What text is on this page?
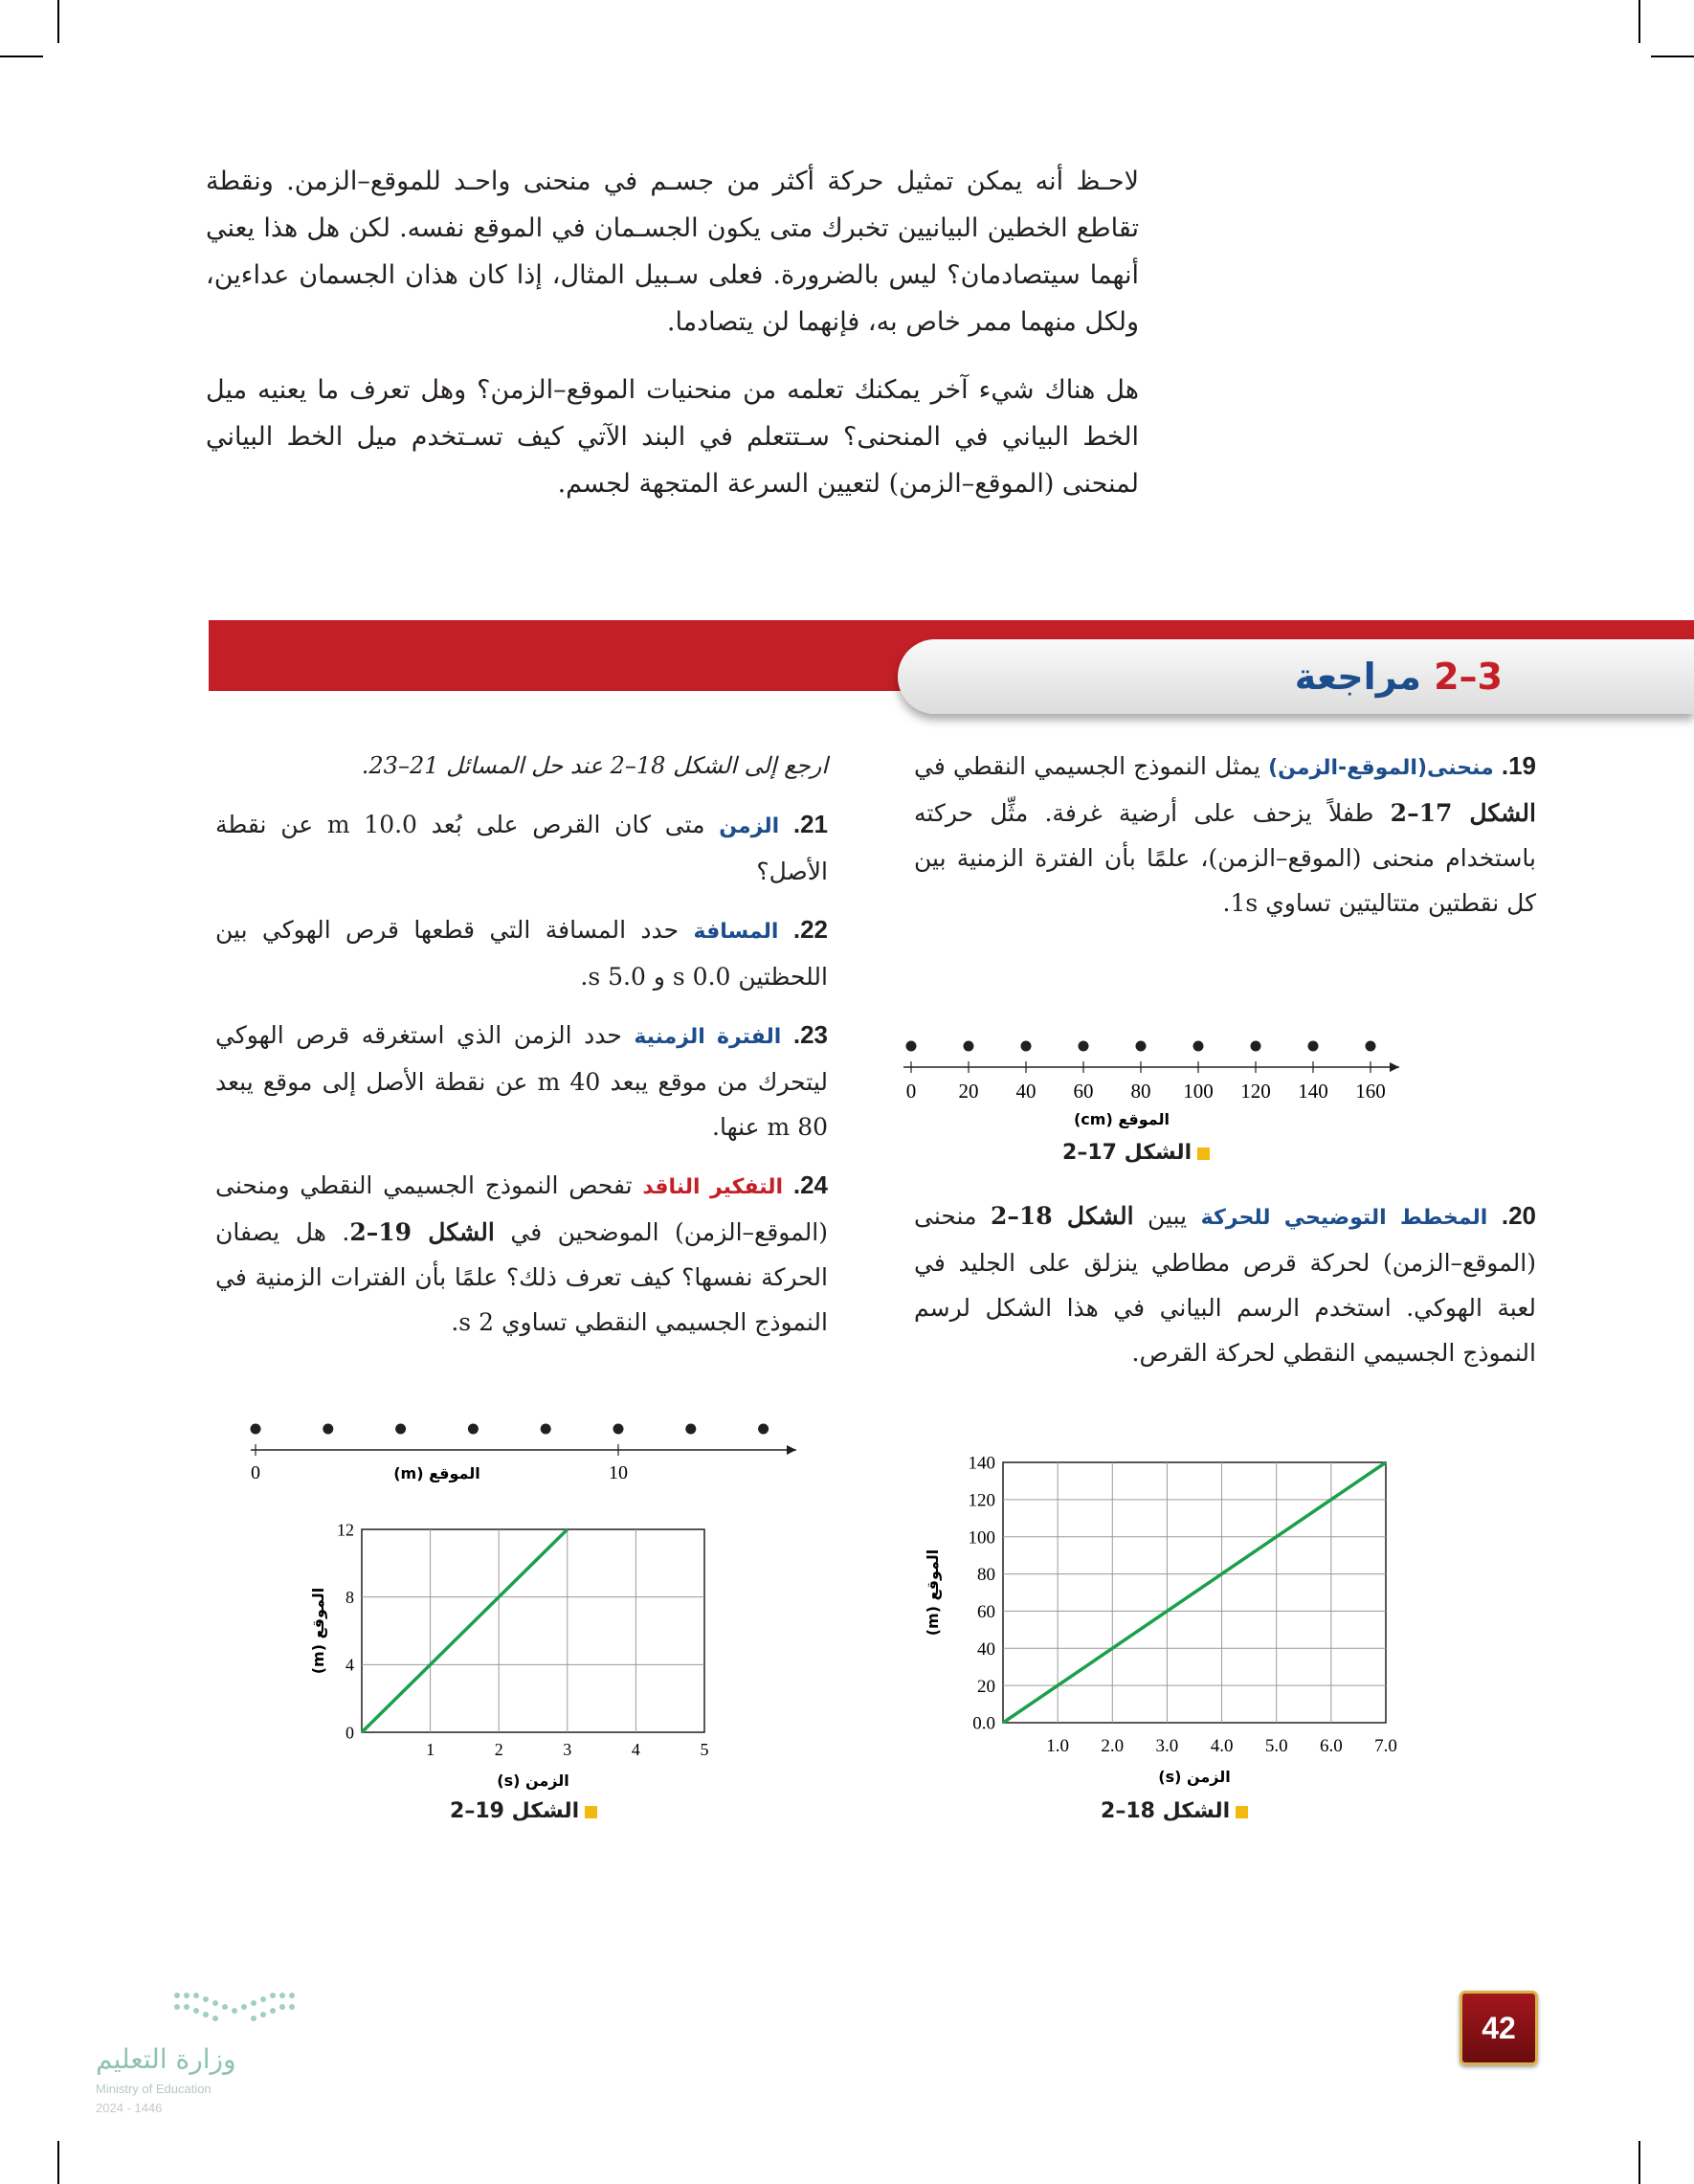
لاحـظ أنه يمكن تمثيل حركة أكثر من جسـم في منحنى واحـد للموقع–الزمن. ونقطة تقاطع الخطين البيانيين تخبرك متى يكون الجسـمان في الموقع نفسه. لكن هل هذا يعني أنهما سيتصادمان؟ ليس بالضرورة. فعلى سـبيل المثال، إذا كان هذان الجسمان عداءين، ولكل منهما ممر خاص به، فإنهما لن يتصادما.

هل هناك شيء آخر يمكنك تعلمه من منحنيات الموقع–الزمن؟ وهل تعرف ما يعنيه ميل الخط البياني في المنحنى؟ سـتتعلم في البند الآتي كيف تسـتخدم ميل الخط البياني لمنحنى (الموقع–الزمن) لتعيين السرعة المتجهة لجسم.

3–2 مراجعة

19. منحنى(الموقع-الزمن) يمثل النموذج الجسيمي النقطي في الشكل 17–2 طفلاً يزحف على أرضية غرفة. مثِّل حركته باستخدام منحنى (الموقع–الزمن)، علمًا بأن الفترة الزمنية بين كل نقطتين متتاليتين تساوي 1s.

20. المخطط التوضيحي للحركة يبين الشكل 18–2 منحنى (الموقع–الزمن) لحركة قرص مطاطي ينزلق على الجليد في لعبة الهوكي. استخدم الرسم البياني في هذا الشكل لرسم النموذج الجسيمي النقطي لحركة القرص.

0 20 40 60 80 100 120 140 160
الموقع (cm)
الشكل 17–2
1.0 2.0 3.0 4.0 5.0 6.0 7.0
0.0
20
40
60
80
100
120
140
الزمن (s)
الموقع (m)
الشكل 18–2

ارجع إلى الشكل 18–2 عند حل المسائل 21–23.

21. الزمن متى كان القرص على بُعد 10.0 m عن نقطة الأصل؟

22. المسافة حدد المسافة التي قطعها قرص الهوكي بين اللحظتين 0.0 s و 5.0 s.

23. الفترة الزمنية حدد الزمن الذي استغرقه قرص الهوكي ليتحرك من موقع يبعد 40 m عن نقطة الأصل إلى موقع يبعد 80 m عنها.

24. التفكير الناقد تفحص النموذج الجسيمي النقطي ومنحنى (الموقع–الزمن) الموضحين في الشكل 19–2. هل يصفان الحركة نفسها؟ كيف تعرف ذلك؟ علمًا بأن الفترات الزمنية في النموذج الجسيمي النقطي تساوي 2 s.

0	10
الموقع (m)
1	2	3	4	5
0
4
8
12
الزمن (s)
الموقع (m)
الشكل 19–2
42
وزارة التعليم
Ministry of Education
2024 - 1446
